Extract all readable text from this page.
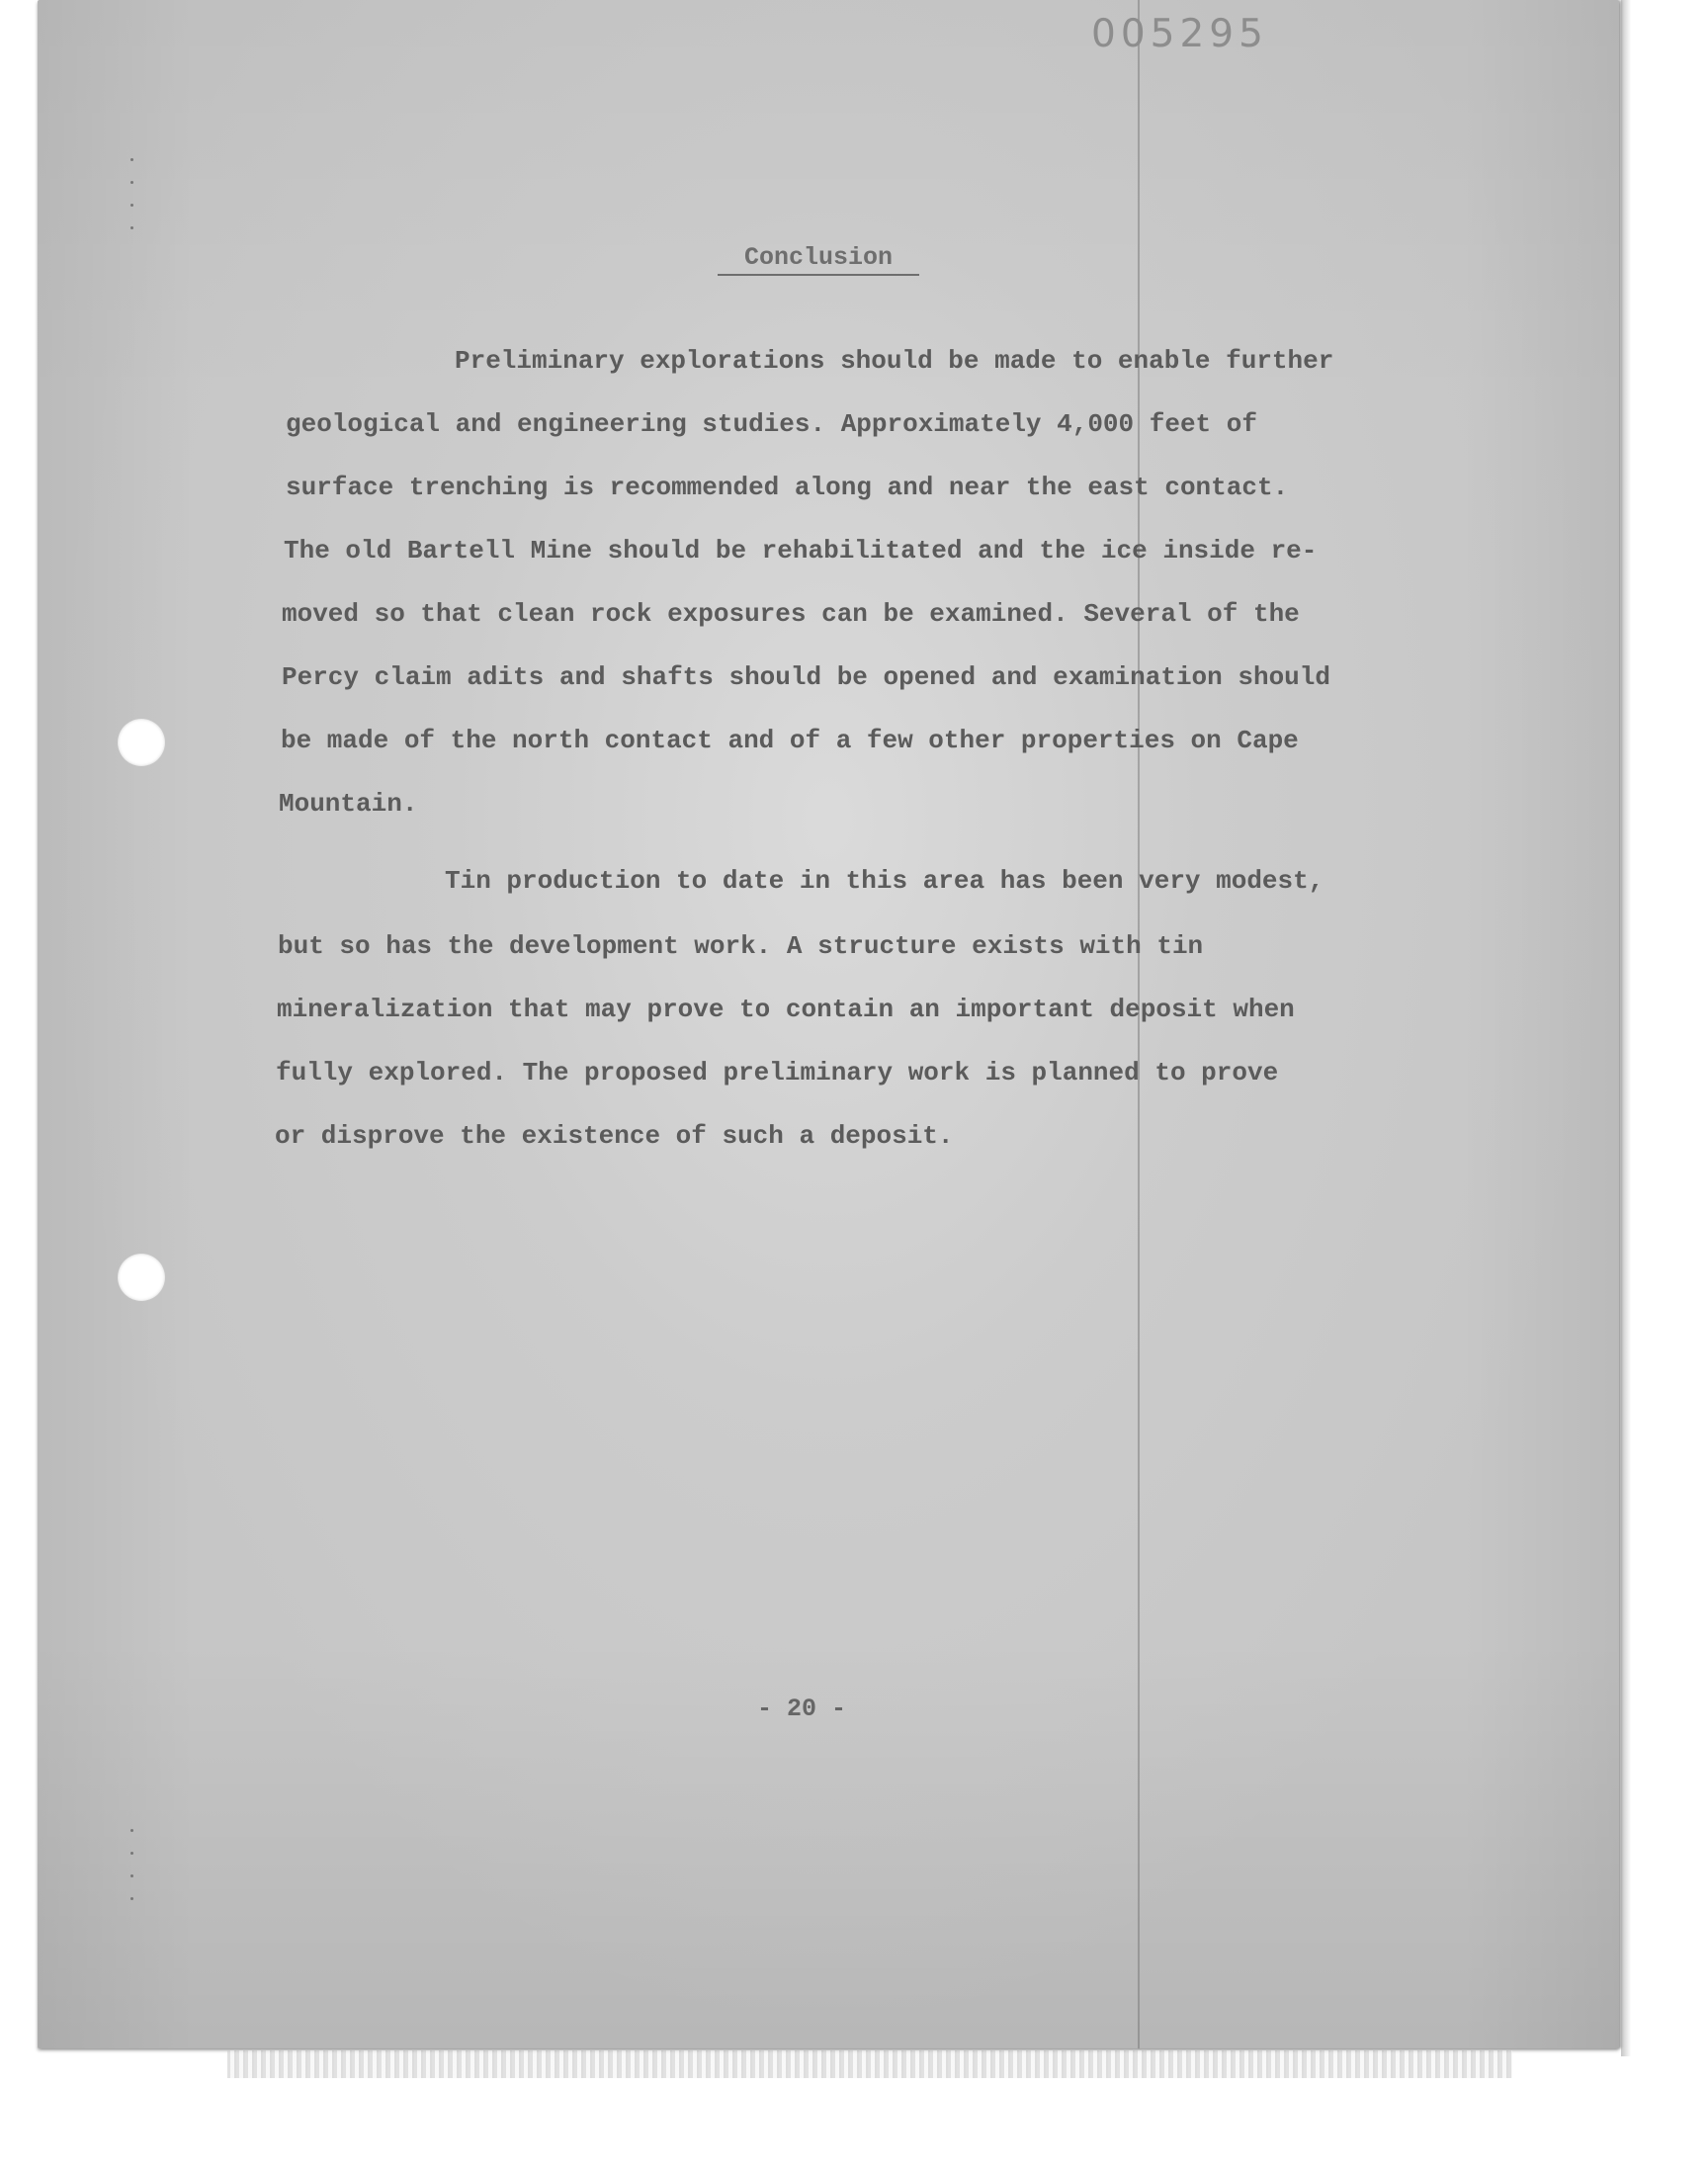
005295
Conclusion
Preliminary explorations should be made to enable further
geological and engineering studies. Approximately 4,000 feet of
surface trenching is recommended along and near the east contact.
The old Bartell Mine should be rehabilitated and the ice inside re-
moved so that clean rock exposures can be examined. Several of the
Percy claim adits and shafts should be opened and examination should
be made of the north contact and of a few other properties on Cape
Mountain.
Tin production to date in this area has been very modest,
but so has the development work. A structure exists with tin
mineralization that may prove to contain an important deposit when
fully explored. The proposed preliminary work is planned to prove
or disprove the existence of such a deposit.
- 20 -
